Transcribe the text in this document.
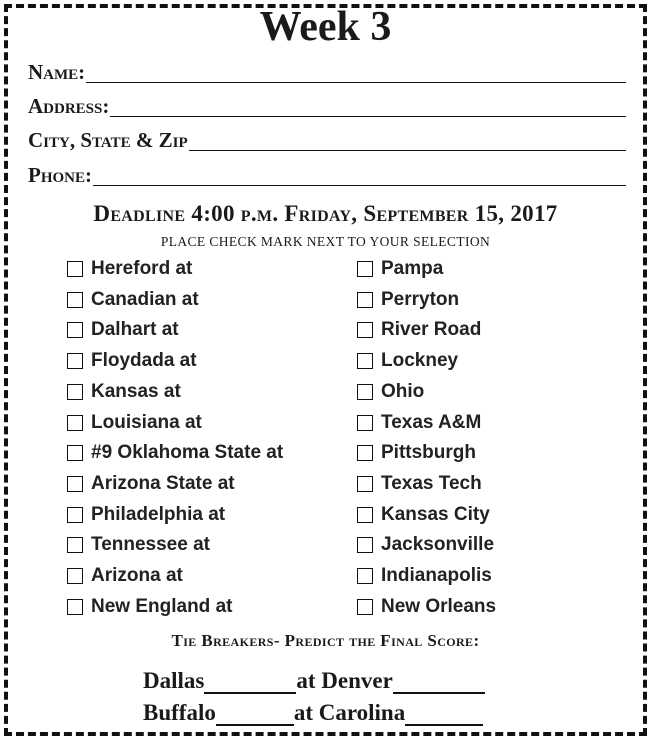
Week 3
Name:
Address:
City, State & Zip
Phone:
Deadline 4:00 p.m. Friday, September 15, 2017
PLACE CHECK MARK NEXT TO YOUR SELECTION
Hereford at	Pampa
Canadian at	Perryton
Dalhart at	River Road
Floydada at	Lockney
Kansas at	Ohio
Louisiana at	Texas A&M
#9 Oklahoma State at	Pittsburgh
Arizona State at	Texas Tech
Philadelphia at	Kansas City
Tennessee at	Jacksonville
Arizona at	Indianapolis
New England at	New Orleans
Tie Breakers- Predict the Final Score:
Dallas	at Denver
Buffalo	at Carolina
